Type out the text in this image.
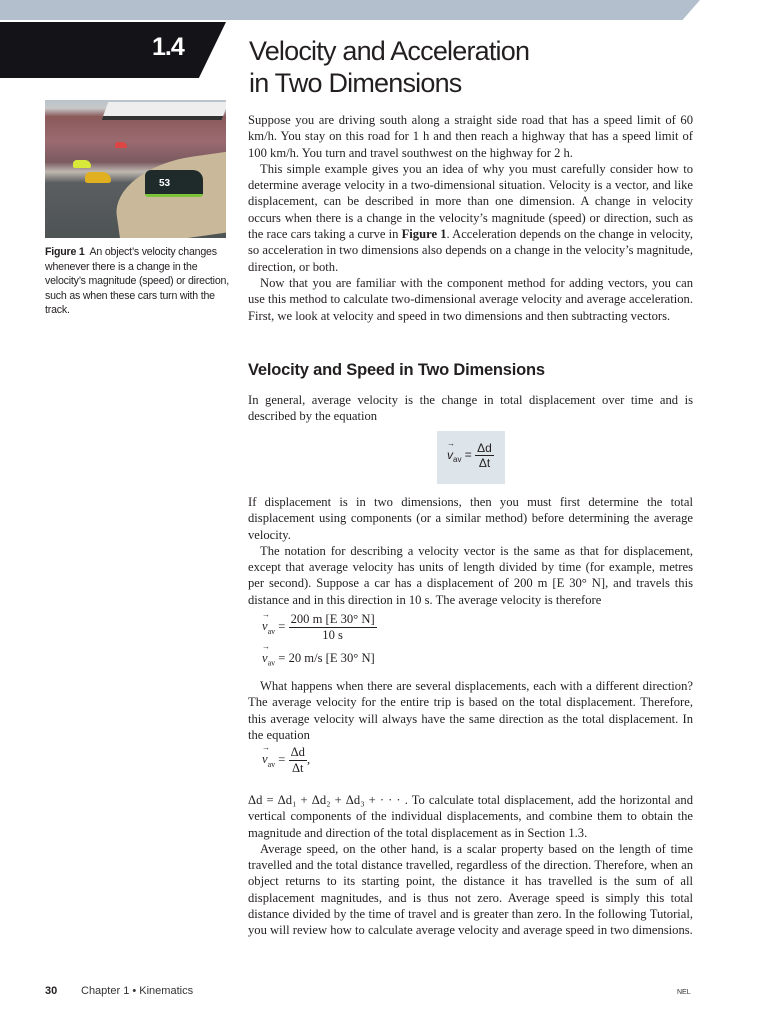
1.4 Velocity and Acceleration
in Two Dimensions
53
Figure 1 An object’s velocity changes whenever there is a change in the velocity’s magnitude (speed) or direction, such as when these cars turn with the track.

Suppose you are driving south along a straight side road that has a speed limit of 60 km/h. You stay on this road for 1 h and then reach a highway that has a speed limit of 100 km/h. You turn and travel southwest on the highway for 2 h.

This simple example gives you an idea of why you must carefully consider how to determine average velocity in a two-dimensional situation. Velocity is a vector, and like displacement, can be described in more than one dimension. A change in velocity occurs when there is a change in the velocity’s magnitude (speed) or direction, such as the race cars taking a curve in Figure 1. Acceleration depends on the change in velocity, so acceleration in two dimensions also depends on a change in the velocity’s magnitude, direction, or both.

Now that you are familiar with the component method for adding vectors, you can use this method to calculate two-dimensional average velocity and average acceleration. First, we look at velocity and speed in two dimensions and then subtracting vectors.

Velocity and Speed in Two Dimensions
In general, average velocity is the change in total displacement over time and is described by the equation
→ $v_{av} = \frac{\Delta d}{\Delta t}$

If displacement is in two dimensions, then you must first determine the total displacement using components (or a similar method) before determining the average velocity.

The notation for describing a velocity vector is the same as that for displacement, except that average velocity has units of length divided by time (for example, metres per second). Suppose a car has a displacement of 200 m [E 30° N], and travels this distance and in this direction in 10 s. The average velocity is therefore

→ $v_{av} = \frac{200 m [E 30^\circ N]}{10 s}$
→ $v_{av} = 20$ m/s [E 30° N]

What happens when there are several displacements, each with a different direction? The average velocity for the entire trip is based on the total displacement. Therefore, this average velocity will always have the same direction as the total displacement. In the equation

→ $v_{av} = \frac{\Delta d}{\Delta t}$ ,

Δd = Δd₁ + Δd₂ + Δd₃ + · · · . To calculate total displacement, add the horizontal and vertical components of the individual displacements, and combine them to obtain the magnitude and direction of the total displacement as in Section 1.3.

Average speed, on the other hand, is a scalar property based on the length of time travelled and the total distance travelled, regardless of the direction. Therefore, when an object returns to its starting point, the distance it has travelled is the sum of all displacement magnitudes, and is thus not zero. Average speed is simply this total distance divided by the time of travel and is greater than zero. In the following Tutorial, you will review how to calculate average velocity and average speed in two dimensions.

30 Chapter 1 • Kinematics	NEL
